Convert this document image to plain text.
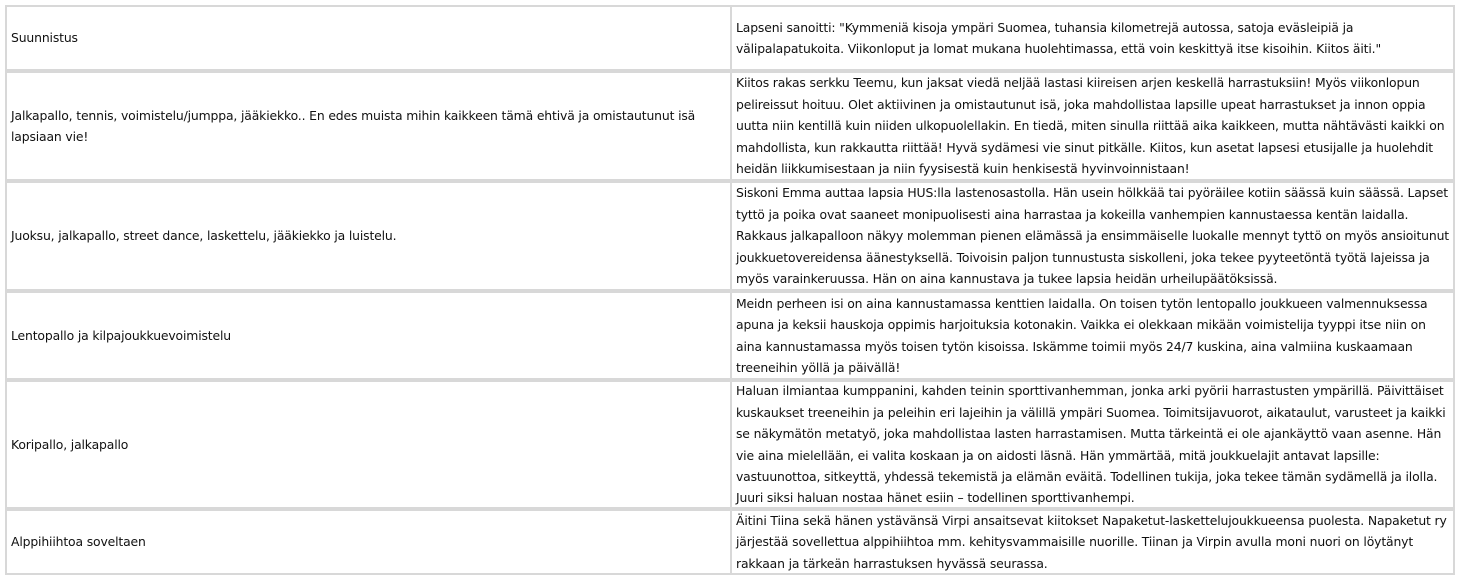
Suunnistus
Lapseni sanoitti: "Kymmeniä kisoja ympäri Suomea, tuhansia kilometrejä autossa, satoja eväsleipiä ja välipalapatukoita. Viikonloput ja lomat mukana huolehtimassa, että voin keskittyä itse kisoihin. Kiitos äiti."
Jalkapallo, tennis, voimistelu/jumppa, jääkiekko.. En edes muista mihin kaikkeen tämä ehtivä ja omistautunut isä lapsiaan vie!
Kiitos rakas serkku Teemu, kun jaksat viedä neljää lastasi kiireisen arjen keskellä harrastuksiin! Myös viikonlopun pelireissut hoituu. Olet aktiivinen ja omistautunut isä, joka mahdollistaa lapsille upeat harrastukset ja innon oppia uutta niin kentillä kuin niiden ulkopuolellakin. En tiedä, miten sinulla riittää aika kaikkeen, mutta nähtävästi kaikki on mahdollista, kun rakkautta riittää! Hyvä sydämesi vie sinut pitkälle. Kiitos, kun asetat lapsesi etusijalle ja huolehdit heidän liikkumisestaan ja niin fyysisestä kuin henkisestä hyvinvoinnistaan!
Juoksu, jalkapallo, street dance, laskettelu, jääkiekko ja luistelu.
Siskoni Emma auttaa lapsia HUS:lla lastenosastolla. Hän usein hölkkää tai pyöräilee kotiin säässä kuin säässä. Lapset tyttö ja poika ovat saaneet monipuolisesti aina harrastaa ja kokeilla vanhempien kannustaessa kentän laidalla. Rakkaus jalkapalloon näkyy molemman pienen elämässä ja ensimmäiselle luokalle mennyt tyttö on myös ansioitunut joukkuetovereidensa äänestyksellä. Toivoisin paljon tunnustusta siskolleni, joka tekee pyyteetöntä työtä lajeissa ja myös varainkeruussa. Hän on aina kannustava ja tukee lapsia heidän urheilupäätöksissä.
Lentopallo ja kilpajoukkuevoimistelu
Meidn perheen isi on aina kannustamassa kenttien laidalla. On toisen tytön lentopallo joukkueen valmennuksessa apuna ja keksii hauskoja oppimis harjoituksia kotonakin. Vaikka ei olekkaan mikään voimistelija tyyppi itse niin on aina kannustamassa myös toisen tytön kisoissa. Iskämme toimii myös 24/7 kuskina, aina valmiina kuskaamaan treeneihin yöllä ja päivällä!
Koripallo, jalkapallo
Haluan ilmiantaa kumppanini, kahden teinin sporttivanhemman, jonka arki pyörii harrastusten ympärillä. Päivittäiset kuskaukset treeneihin ja peleihin eri lajeihin ja välillä ympäri Suomea. Toimitsijavuorot, aikataulut, varusteet ja kaikki se näkymätön metatyö, joka mahdollistaa lasten harrastamisen. Mutta tärkeintä ei ole ajankäyttö vaan asenne. Hän vie aina mielellään, ei valita koskaan ja on aidosti läsnä. Hän ymmärtää, mitä joukkuelajit antavat lapsille: vastuunottoa, sitkeyttä, yhdessä tekemistä ja elämän eväitä. Todellinen tukija, joka tekee tämän sydämellä ja ilolla. Juuri siksi haluan nostaa hänet esiin – todellinen sporttivanhempi.
Alppihiihtoa soveltaen
Äitini Tiina sekä hänen ystävänsä Virpi ansaitsevat kiitokset Napaketut-laskettelujoukkueensa puolesta. Napaketut ry järjestää sovellettua alppihiihtoa mm. kehitysvammaisille nuorille. Tiinan ja Virpin avulla moni nuori on löytänyt rakkaan ja tärkeän harrastuksen hyvässä seurassa.
